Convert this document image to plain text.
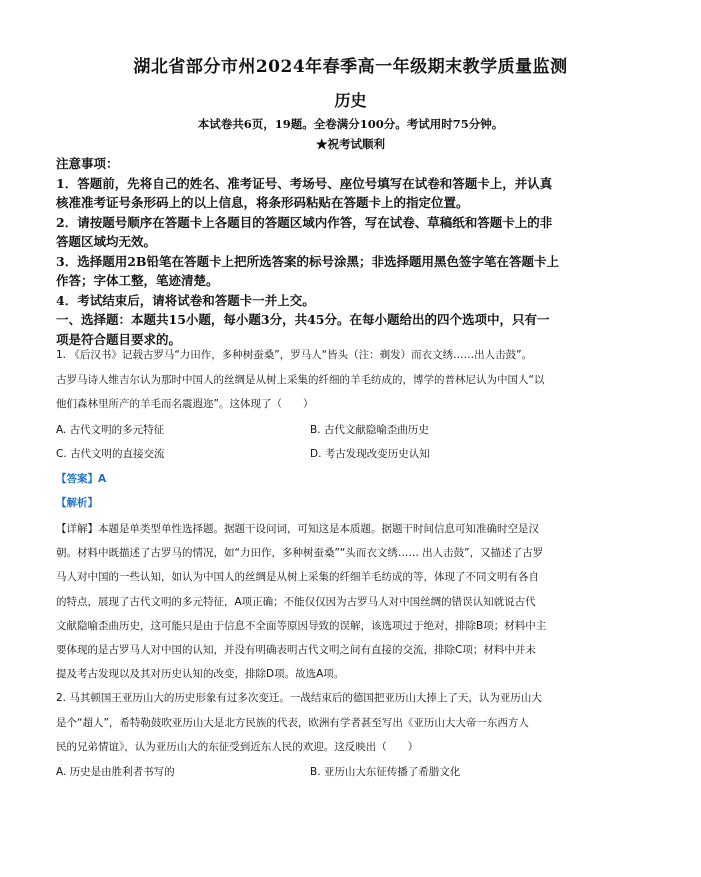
湖北省部分市州2024年春季高一年级期末教学质量监测
历史
本试卷共6页，19题。全卷满分100分。考试用时75分钟。
★祝考试顺利

注意事项：

1．答题前，先将自己的姓名、准考证号、考场号、座位号填写在试卷和答题卡上，并认真

核准准考证号条形码上的以上信息，将条形码粘贴在答题卡上的指定位置。

2．请按题号顺序在答题卡上各题目的答题区域内作答，写在试卷、草稿纸和答题卡上的非

答题区域均无效。

3．选择题用2B铅笔在答题卡上把所选答案的标号涂黑；非选择题用黑色签字笔在答题卡上

作答；字体工整，笔迹清楚。

4．考试结束后，请将试卷和答题卡一并上交。

一、选择题：本题共15小题，每小题3分，共45分。在每小题给出的四个选项中，只有一

项是符合题目要求的。

1. 《后汉书》记载古罗马“力田作，多种树蚕桑”，罗马人“皆头（注：剃发）而衣文绣……出人击鼓”。

古罗马诗人维吉尔认为那时中国人的丝绸是从树上采集的纤细的羊毛纺成的，博学的普林尼认为中国人“以

他们森林里所产的羊毛而名震遐迩”。这体现了（　　）

A. 古代文明的多元特征	B. 古代文献隐喻歪曲历史
C. 古代文明的直接交流	D. 考古发现改变历史认知
【答案】A
【解析】

【详解】本题是单类型单性选择题。据题干设问词，可知这是本质题。据题干时间信息可知准确时空是汉

朝。材料中既描述了古罗马的情况，如“力田作，多种树蚕桑”“头而衣文绣…… 出人击鼓”，又描述了古罗

马人对中国的一些认知，如认为中国人的丝绸是从树上采集的纤细羊毛纺成的等，体现了不同文明有各自

的特点，展现了古代文明的多元特征，A项正确；不能仅仅因为古罗马人对中国丝绸的错误认知就说古代

文献隐喻歪曲历史，这可能只是由于信息不全面等原因导致的误解，该选项过于绝对，排除B项；材料中主

要体现的是古罗马人对中国的认知，并没有明确表明古代文明之间有直接的交流，排除C项；材料中并未

提及考古发现以及其对历史认知的改变，排除D项。故选A项。

2. 马其顿国王亚历山大的历史形象有过多次变迁。一战结束后的德国把亚历山大捧上了天，认为亚历山大

是个“超人”，希特勒鼓吹亚历山大是北方民族的代表，欧洲有学者甚至写出《亚历山大大帝一东西方人

民的兄弟情谊》，认为亚历山大的东征受到近东人民的欢迎。这反映出（　　）

A. 历史是由胜利者书写的	B. 亚历山大东征传播了希腊文化
